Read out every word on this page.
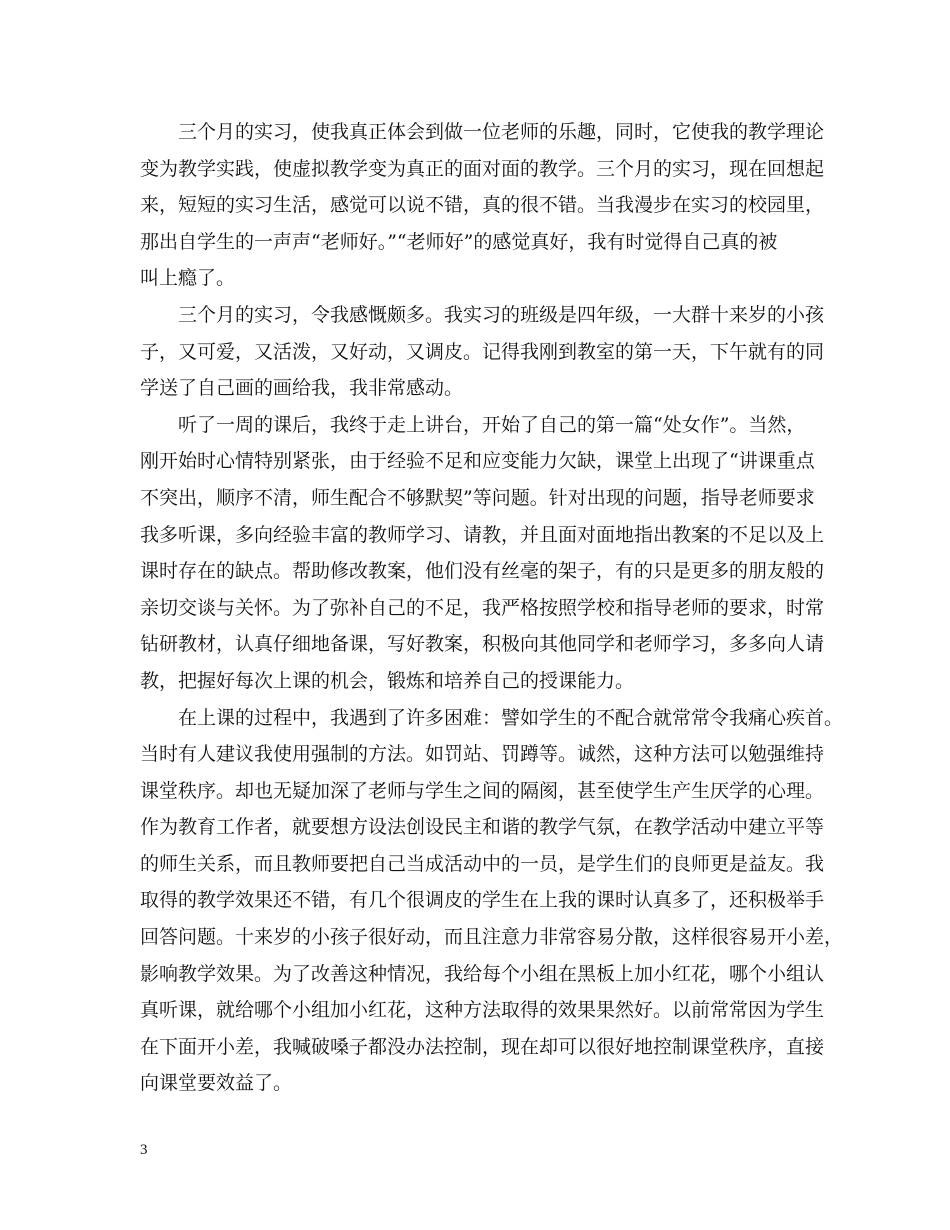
　　三个月的实习，使我真正体会到做一位老师的乐趣，同时，它使我的教学理论
变为教学实践，使虚拟教学变为真正的面对面的教学。三个月的实习，现在回想起
来，短短的实习生活，感觉可以说不错，真的很不错。当我漫步在实习的校园里，
那出自学生的一声声“老师好。”“老师好”的感觉真好，我有时觉得自己真的被
叫上瘾了。
　　三个月的实习，令我感慨颇多。我实习的班级是四年级，一大群十来岁的小孩
子，又可爱，又活泼，又好动，又调皮。记得我刚到教室的第一天，下午就有的同
学送了自己画的画给我，我非常感动。
　　听了一周的课后，我终于走上讲台，开始了自己的第一篇“处女作”。当然，
刚开始时心情特别紧张，由于经验不足和应变能力欠缺，课堂上出现了“讲课重点
不突出，顺序不清，师生配合不够默契”等问题。针对出现的问题，指导老师要求
我多听课，多向经验丰富的教师学习、请教，并且面对面地指出教案的不足以及上
课时存在的缺点。帮助修改教案，他们没有丝毫的架子，有的只是更多的朋友般的
亲切交谈与关怀。为了弥补自己的不足，我严格按照学校和指导老师的要求，时常
钻研教材，认真仔细地备课，写好教案，积极向其他同学和老师学习，多多向人请
教，把握好每次上课的机会，锻炼和培养自己的授课能力。
　　在上课的过程中，我遇到了许多困难：譬如学生的不配合就常常令我痛心疾首。
当时有人建议我使用强制的方法。如罚站、罚蹲等。诚然，这种方法可以勉强维持
课堂秩序。却也无疑加深了老师与学生之间的隔阂，甚至使学生产生厌学的心理。
作为教育工作者，就要想方设法创设民主和谐的教学气氛，在教学活动中建立平等
的师生关系，而且教师要把自己当成活动中的一员，是学生们的良师更是益友。我
取得的教学效果还不错，有几个很调皮的学生在上我的课时认真多了，还积极举手
回答问题。十来岁的小孩子很好动，而且注意力非常容易分散，这样很容易开小差，
影响教学效果。为了改善这种情况，我给每个小组在黑板上加小红花，哪个小组认
真听课，就给哪个小组加小红花，这种方法取得的效果果然好。以前常常因为学生
在下面开小差，我喊破嗓子都没办法控制，现在却可以很好地控制课堂秩序，直接
向课堂要效益了。
3
